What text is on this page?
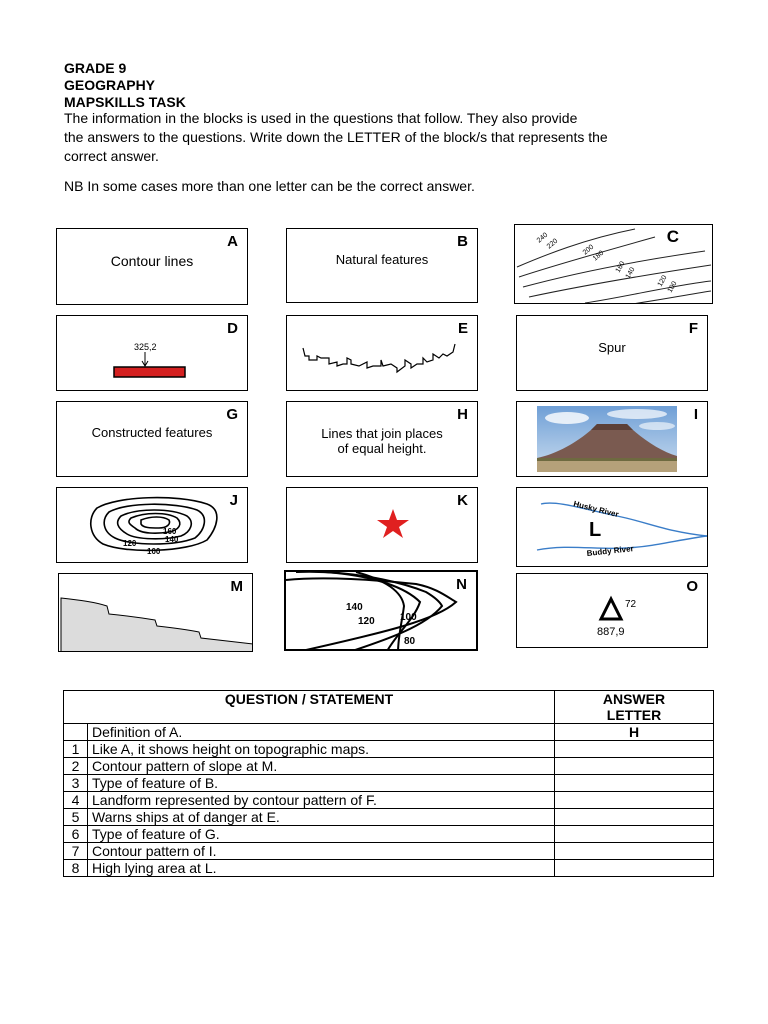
GRADE 9
GEOGRAPHY
MAPSKILLS TASK
The information in the blocks is used in the questions that follow. They also provide
the answers to the questions. Write down the LETTER of the block/s that represents the
correct answer.
NB In some cases more than one letter can be the correct answer.
A
Contour lines
B
Natural features
C
240
220	200
180
160
140
120
100
D
325,2
E	F
Spur
G
Constructed features
H
Lines that join places
of equal height.
I
J
160
140
120
100
K	Husky River
Buddy River
L
M	N
140
120	100
80
O
72
887,9
QUESTION / STATEMENT		ANSWER
LETTER

	Definition of A.	H
1	Like A, it shows height on topographic maps.	
2	Contour pattern of slope at M.	
3	Type of feature of B.	
4	Landform represented by contour pattern of F.	
5	Warns ships at of danger at E.	
6	Type of feature of G.	
7	Contour pattern of I.	
8	High lying area at L.	
